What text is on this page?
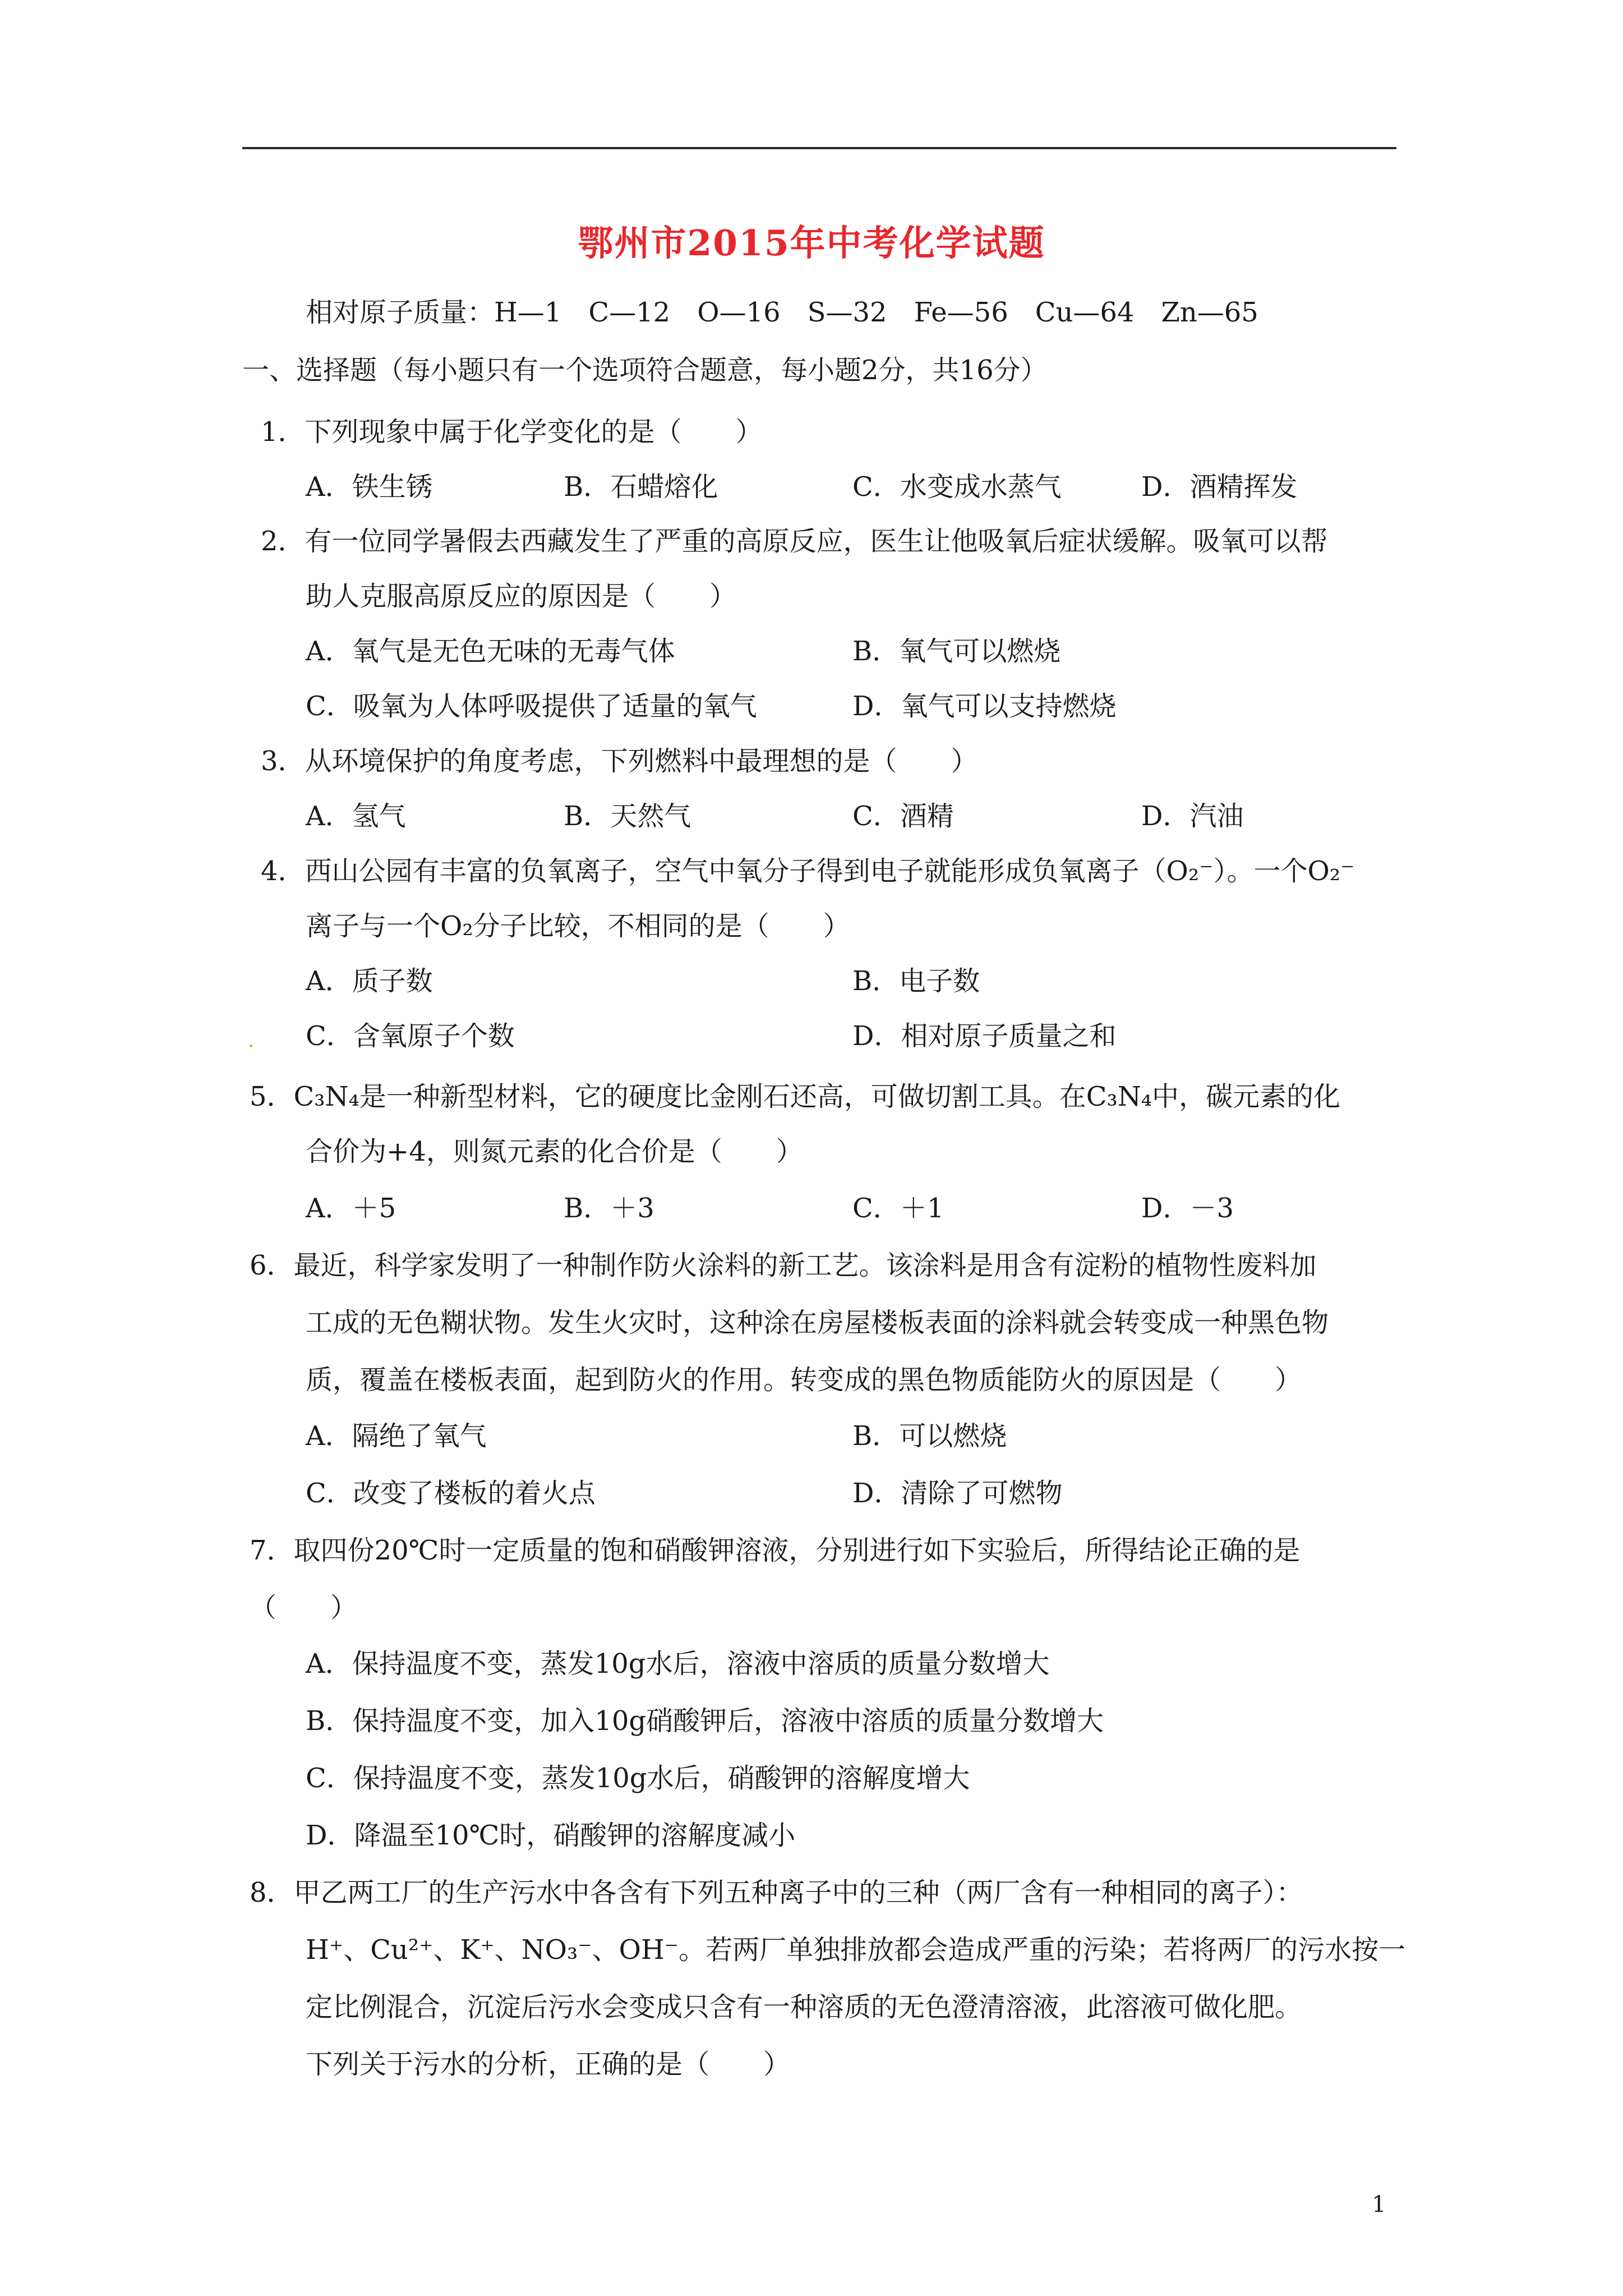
鄂州市2015年中考化学试题
相对原子质量：H—1　C—12　O—16　S—32　Fe—56　Cu—64　Zn—65
一、选择题（每小题只有一个选项符合题意，每小题2分，共16分）
1．下列现象中属于化学变化的是（　　）
A．铁生锈	B．石蜡熔化	C．水变成水蒸气	D．酒精挥发
2．有一位同学暑假去西藏发生了严重的高原反应，医生让他吸氧后症状缓解。吸氧可以帮
助人克服高原反应的原因是（　　）
A．氧气是无色无味的无毒气体	B．氧气可以燃烧
C．吸氧为人体呼吸提供了适量的氧气	D．氧气可以支持燃烧
3．从环境保护的角度考虑，下列燃料中最理想的是（　　）
A．氢气	B．天然气	C．酒精	D．汽油
4．西山公园有丰富的负氧离子，空气中氧分子得到电子就能形成负氧离子（O₂⁻）。一个O₂⁻
离子与一个O₂分子比较，不相同的是（　　）
A．质子数	B．电子数
C．含氧原子个数	D．相对原子质量之和
5．C₃N₄是一种新型材料，它的硬度比金刚石还高，可做切割工具。在C₃N₄中，碳元素的化
合价为+4，则氮元素的化合价是（　　）
A．＋5	B．＋3	C．＋1	D．－3
6．最近，科学家发明了一种制作防火涂料的新工艺。该涂料是用含有淀粉的植物性废料加
工成的无色糊状物。发生火灾时，这种涂在房屋楼板表面的涂料就会转变成一种黑色物
质，覆盖在楼板表面，起到防火的作用。转变成的黑色物质能防火的原因是（　　）
A．隔绝了氧气	B．可以燃烧
C．改变了楼板的着火点	D．清除了可燃物
7．取四份20℃时一定质量的饱和硝酸钾溶液，分别进行如下实验后，所得结论正确的是
（　　）
A．保持温度不变，蒸发10g水后，溶液中溶质的质量分数增大
B．保持温度不变，加入10g硝酸钾后，溶液中溶质的质量分数增大
C．保持温度不变，蒸发10g水后，硝酸钾的溶解度增大
D．降温至10℃时，硝酸钾的溶解度减小
8．甲乙两工厂的生产污水中各含有下列五种离子中的三种（两厂含有一种相同的离子）：
H⁺、Cu²⁺、K⁺、NO₃⁻、OH⁻。若两厂单独排放都会造成严重的污染；若将两厂的污水按一
定比例混合，沉淀后污水会变成只含有一种溶质的无色澄清溶液，此溶液可做化肥。
下列关于污水的分析，正确的是（　　）
1
